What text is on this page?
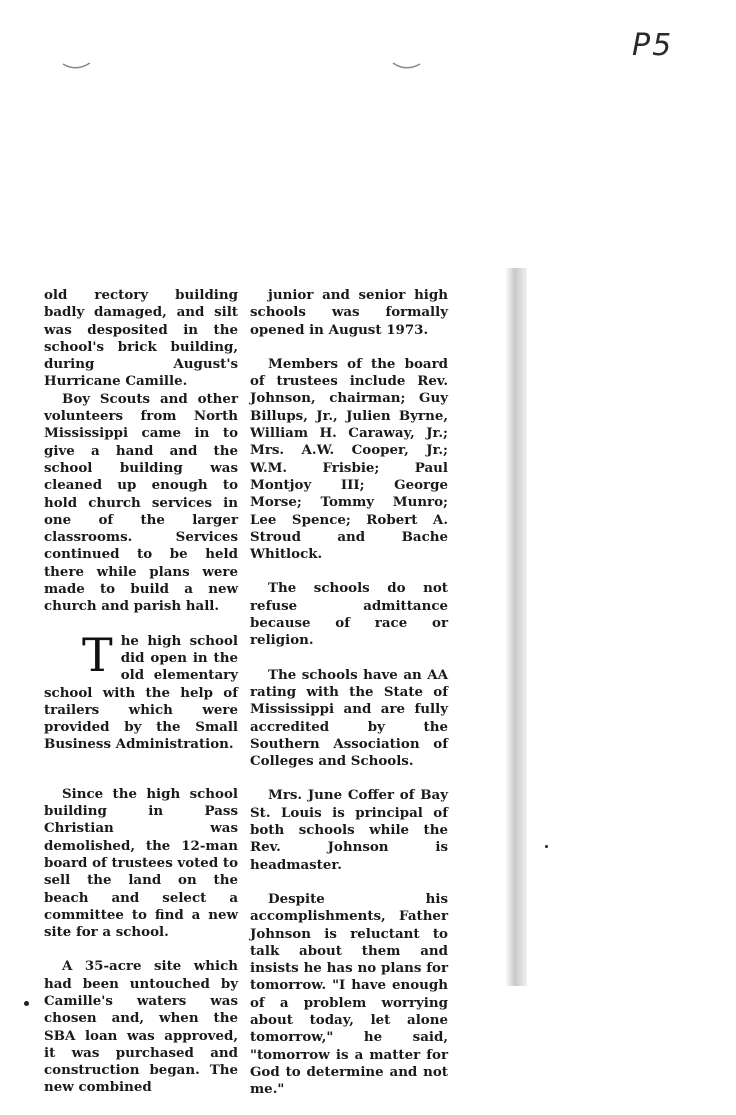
P5

old rectory building badly damaged, and silt was desposited in the school's brick building, during August's Hurricane Camille.

Boy Scouts and other volunteers from North Mississippi came in to give a hand and the school building was cleaned up enough to hold church services in one of the larger classrooms. Services continued to be held there while plans were made to build a new church and parish hall.

The high school did open in the old elementary school with the help of trailers which were provided by the Small Business Administration.

Since the high school building in Pass Christian was demolished, the 12-man board of trustees voted to sell the land on the beach and select a committee to find a new site for a school.

A 35-acre site which had been untouched by Camille's waters was chosen and, when the SBA loan was approved, it was purchased and construction began. The new combined

junior and senior high schools was formally opened in August 1973.

Members of the board of trustees include Rev. Johnson, chairman; Guy Billups, Jr., Julien Byrne, William H. Caraway, Jr.; Mrs. A.W. Cooper, Jr.; W.M. Frisbie; Paul Montjoy III; George Morse; Tommy Munro; Lee Spence; Robert A. Stroud and Bache Whitlock.

The schools do not refuse admittance because of race or religion.

The schools have an AA rating with the State of Mississippi and are fully accredited by the Southern Association of Colleges and Schools.

Mrs. June Coffer of Bay St. Louis is principal of both schools while the Rev. Johnson is headmaster.

Despite his accomplishments, Father Johnson is reluctant to talk about them and insists he has no plans for tomorrow. "I have enough of a problem worrying about today, let alone tomorrow," he said, "tomorrow is a matter for God to determine and not me."
